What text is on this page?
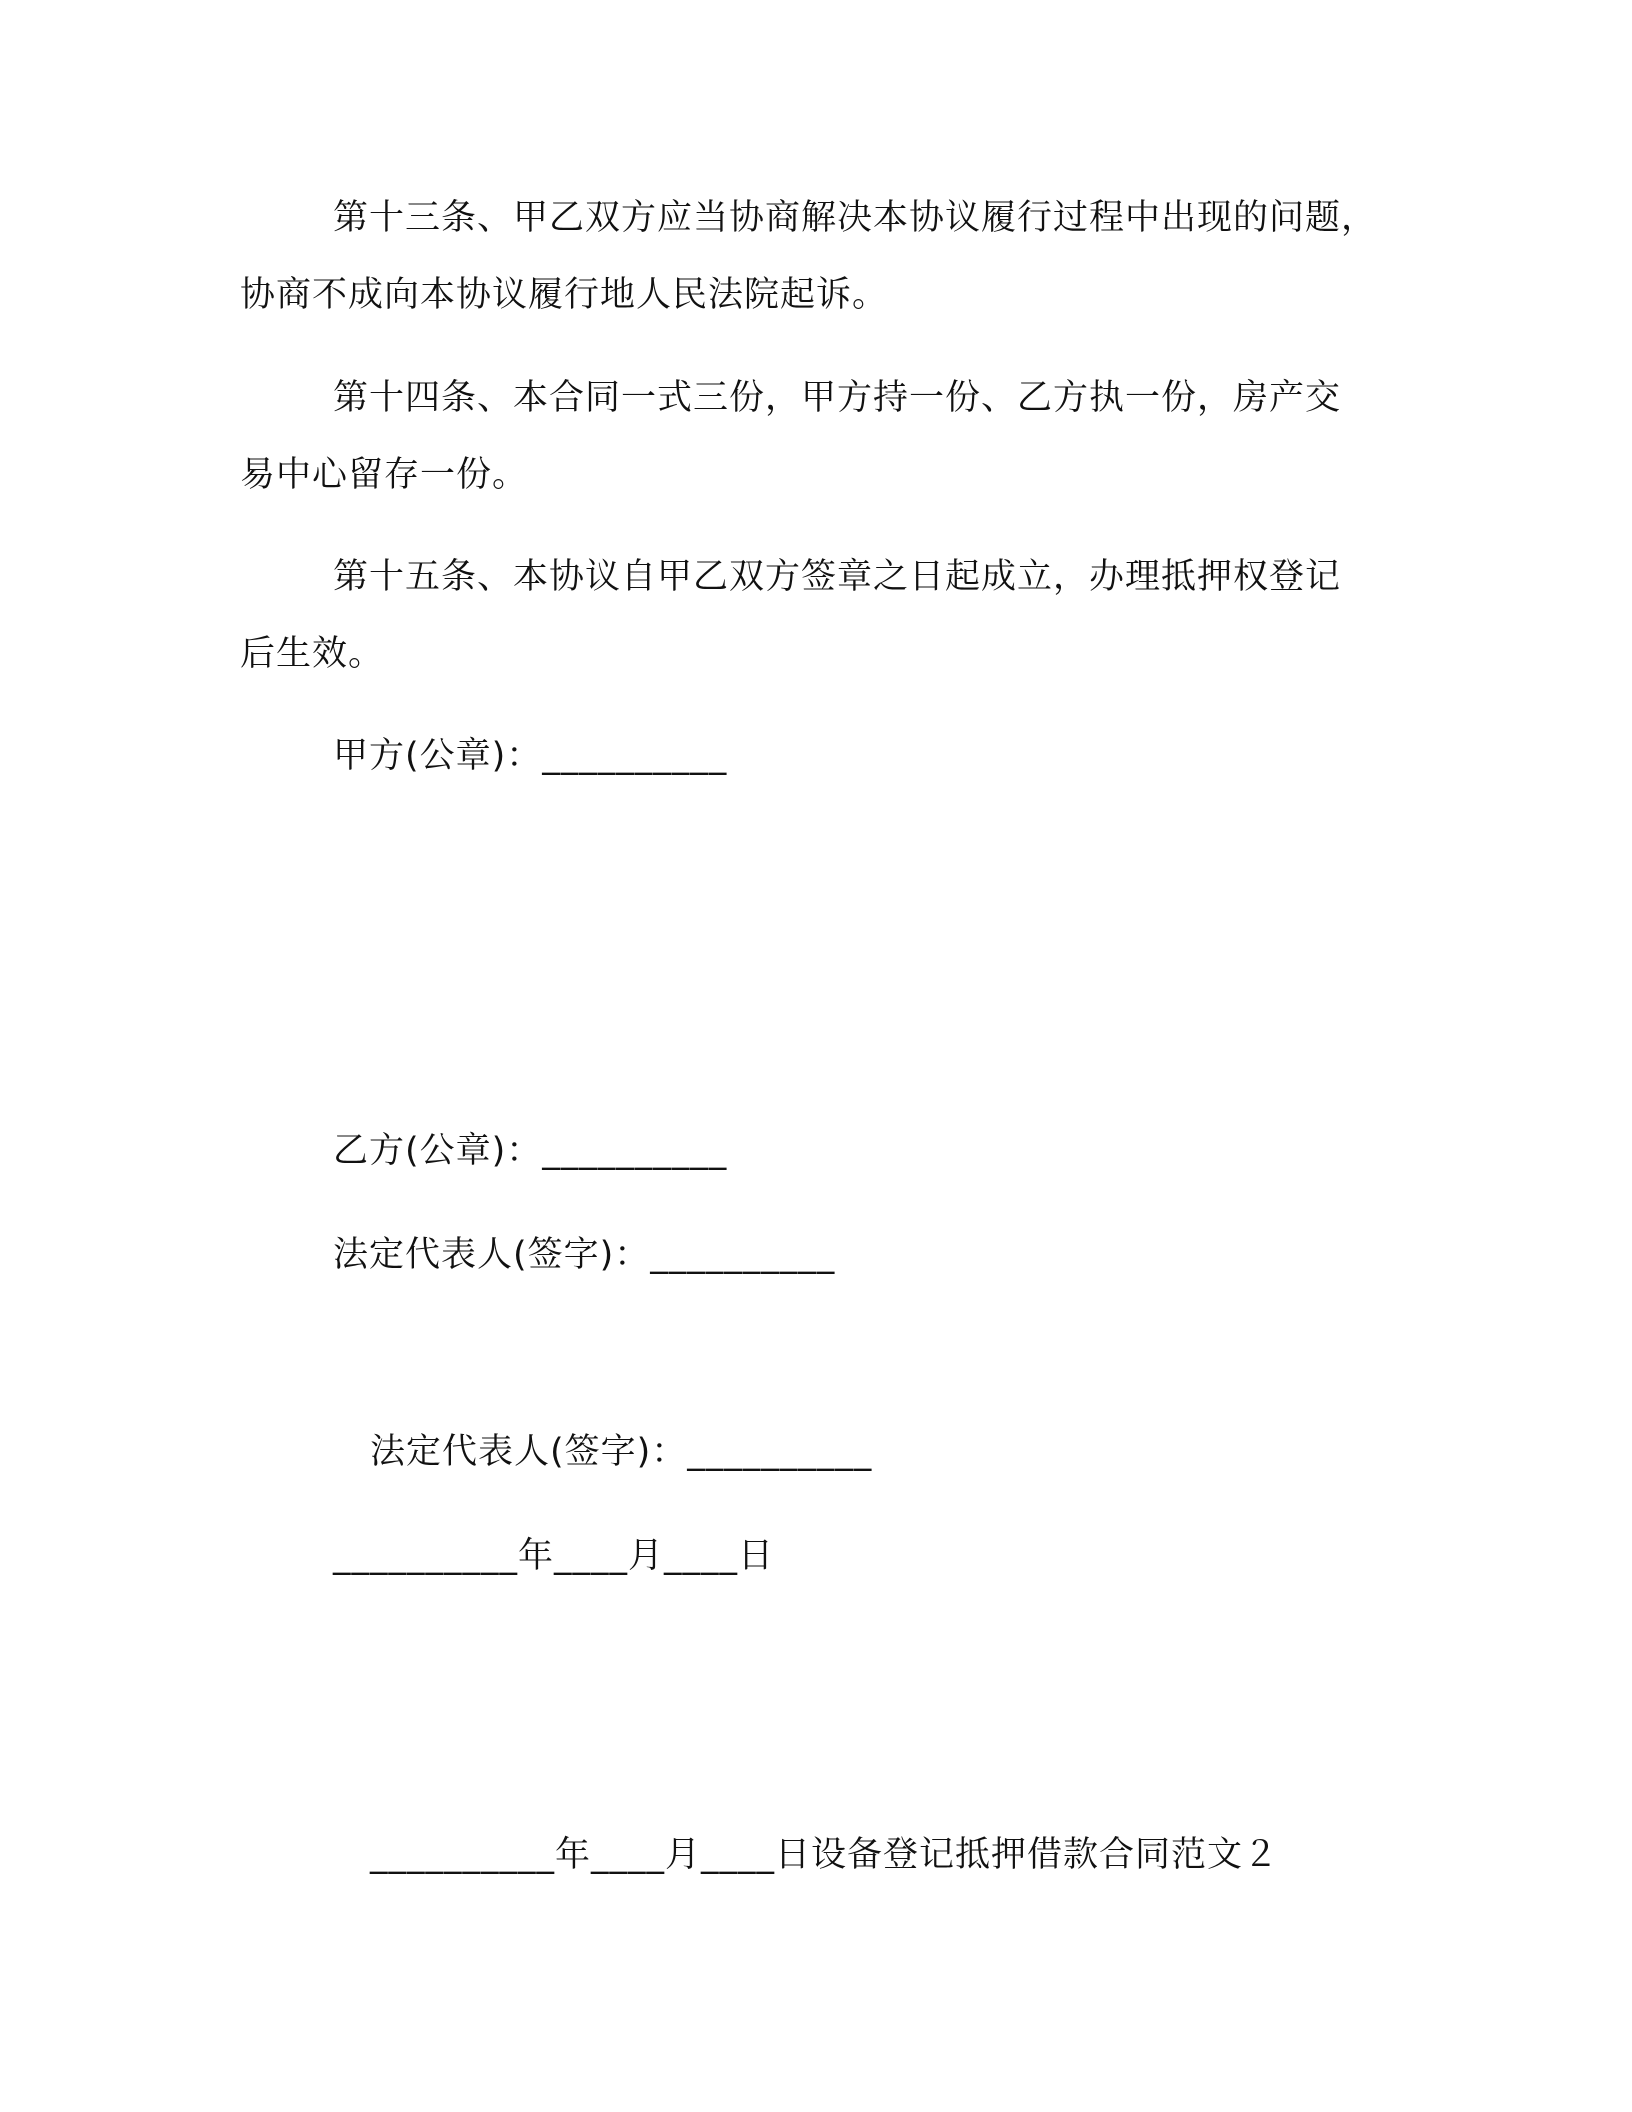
第十三条、甲乙双方应当协商解决本协议履行过程中出现的问题，
协商不成向本协议履行地人民法院起诉。
第十四条、本合同一式三份，甲方持一份、乙方执一份，房产交
易中心留存一份。
第十五条、本协议自甲乙双方签章之日起成立，办理抵押权登记
后生效。
甲方(公章)：__________
乙方(公章)：__________
法定代表人(签字)：__________
法定代表人(签字)：__________
__________年____月____日
__________年____月____日设备登记抵押借款合同范文２
